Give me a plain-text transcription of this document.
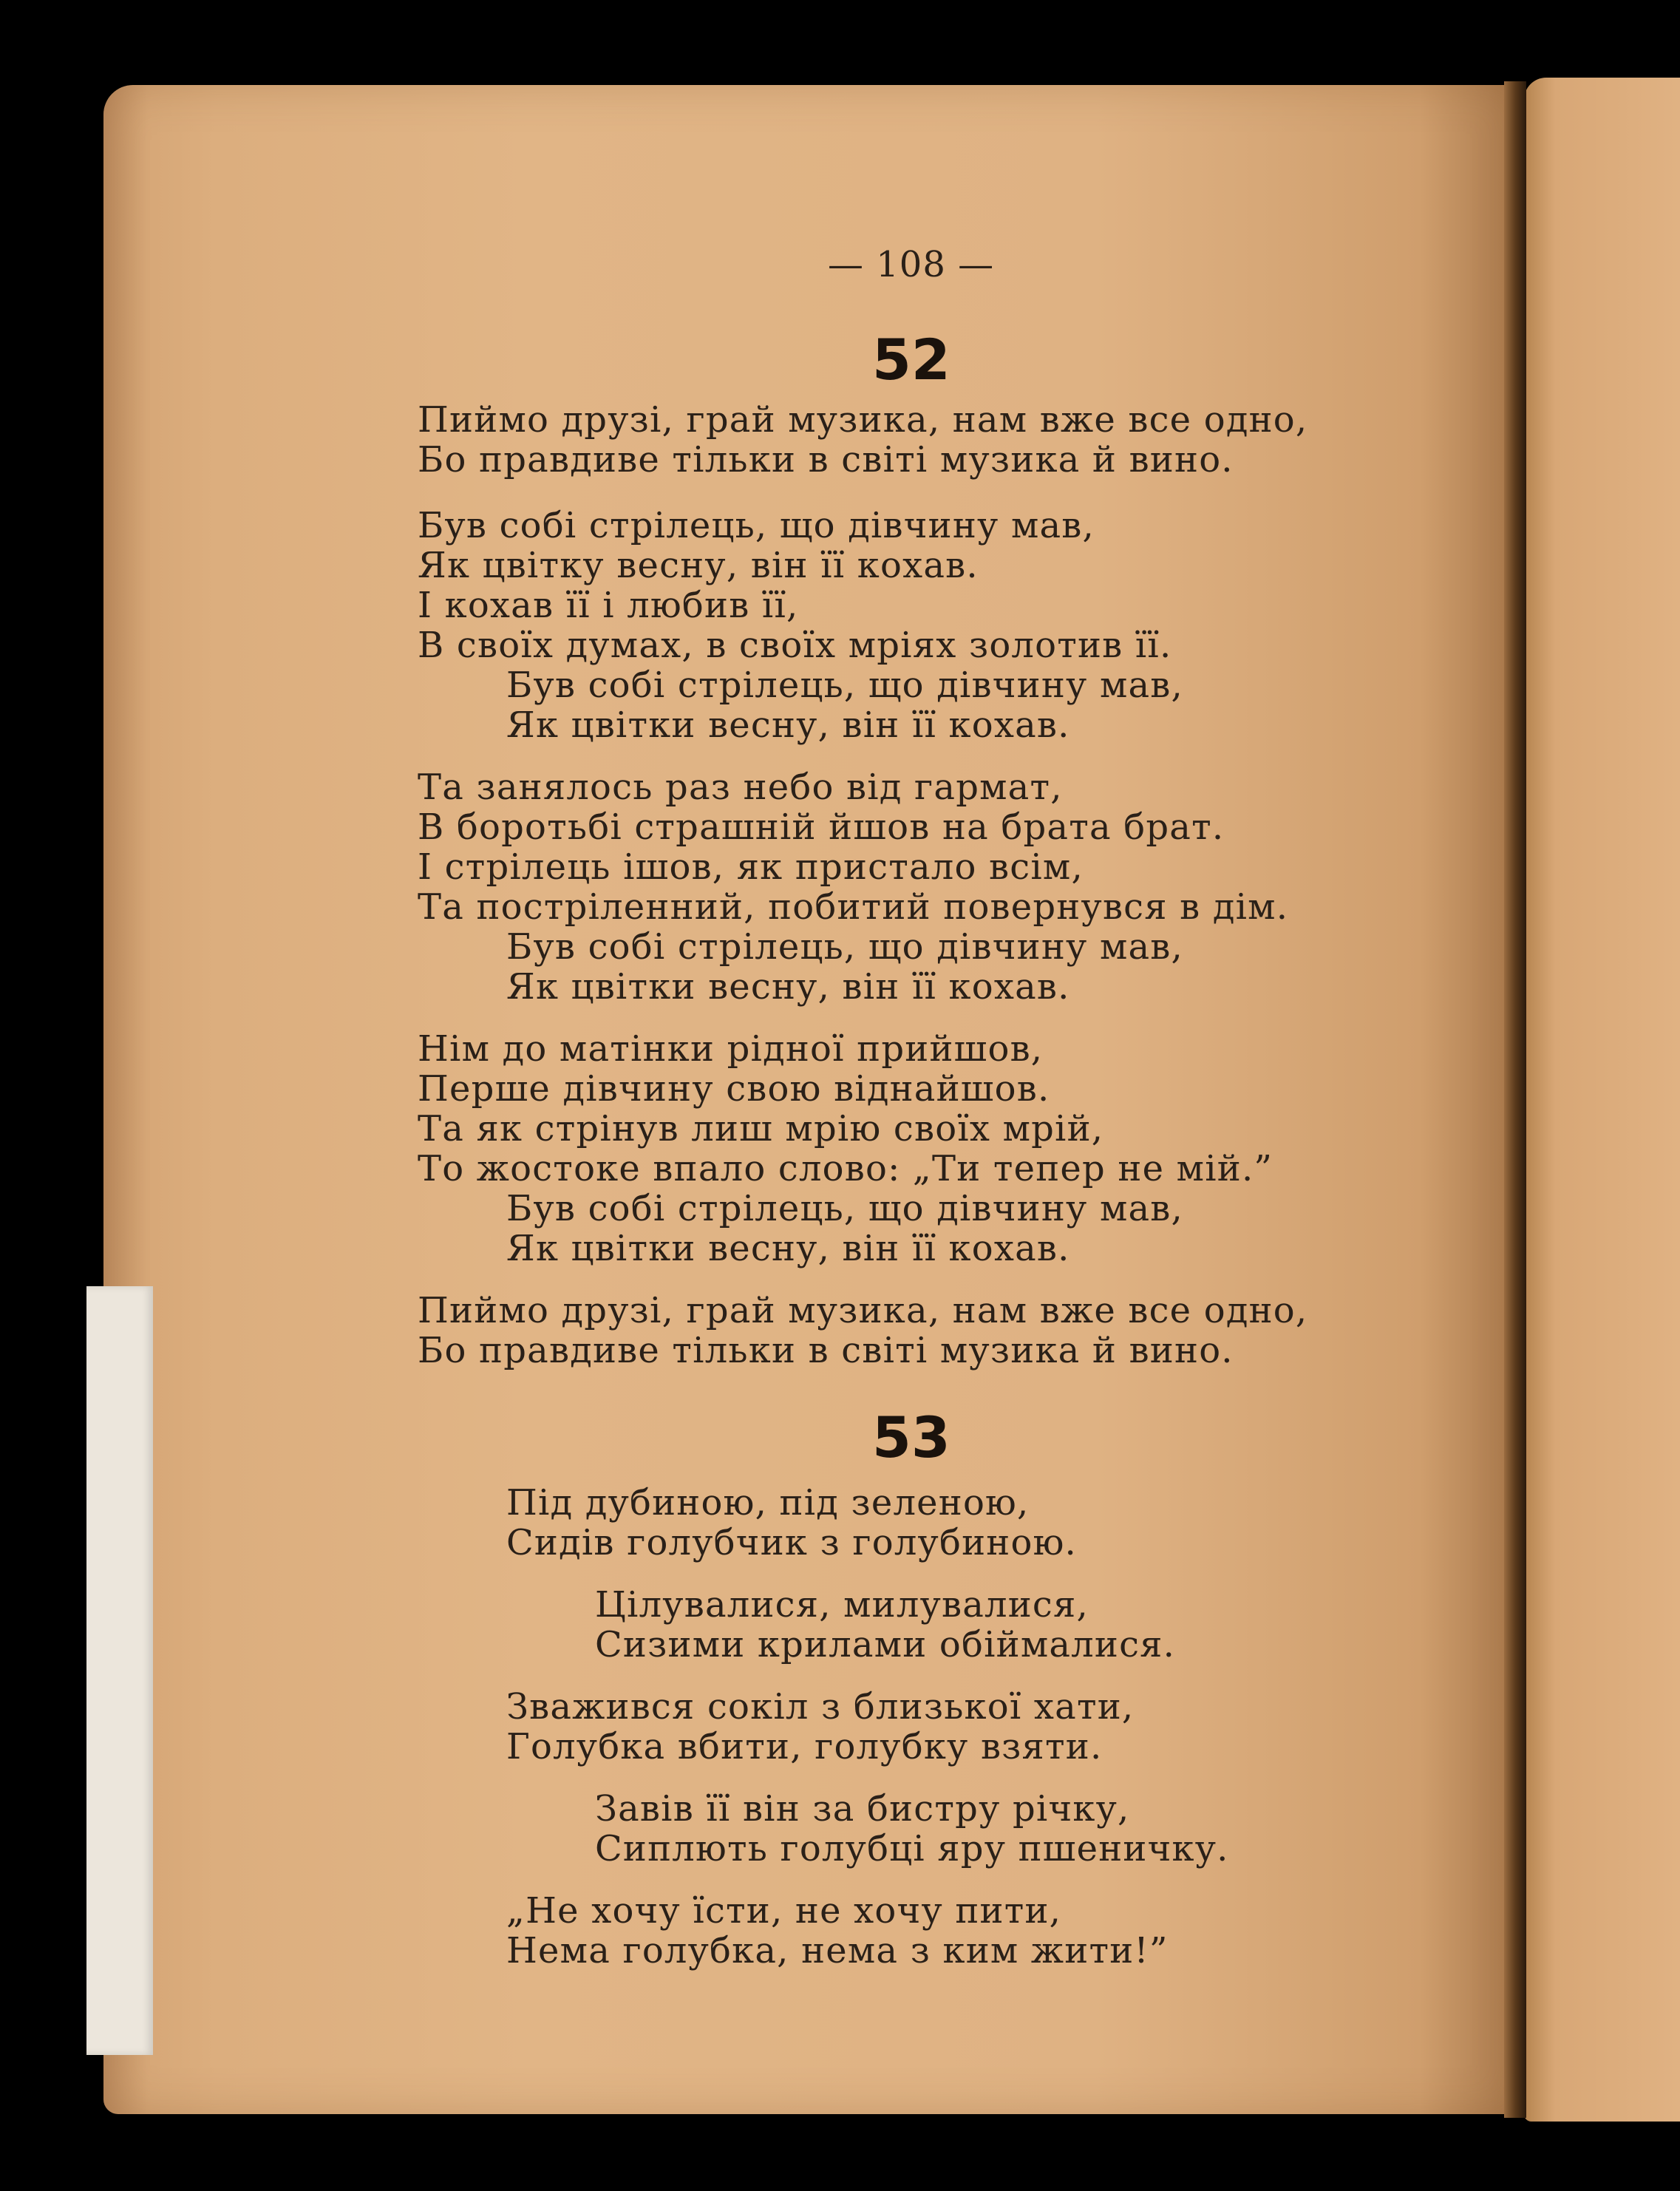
— 108 —
52
Пиймо друзі, грай музика, нам вже все одно,
Бо правдиве тільки в світі музика й вино.
Був собі стрілець, що дівчину мав,
Як цвітку весну, він її кохав.
І кохав її і любив її,
В своїх думах, в своїх мріях золотив її.
Був собі стрілець, що дівчину мав,
Як цвітки весну, він її кохав.
Та занялось раз небо від гармат,
В боротьбі страшній йшов на брата брат.
І стрілець ішов, як пристало всім,
Та постріленний, побитий повернувся в дім.
Був собі стрілець, що дівчину мав,
Як цвітки весну, він її кохав.
Нім до матінки рідної прийшов,
Перше дівчину свою віднайшов.
Та як стрінув лиш мрію своїх мрій,
То жостоке впало слово: „Ти тепер не мій.”
Був собі стрілець, що дівчину мав,
Як цвітки весну, він її кохав.
Пиймо друзі, грай музика, нам вже все одно,
Бо правдиве тільки в світі музика й вино.
53
Під дубиною, під зеленою,
Сидів голубчик з голубиною.
Цілувалися, милувалися,
Сизими крилами обіймалися.
Зважився сокіл з близької хати,
Голубка вбити, голубку взяти.
Завів її він за бистру річку,
Сиплють голубці яру пшеничку.
„Не хочу їсти, не хочу пити,
Нема голубка, нема з ким жити!”
